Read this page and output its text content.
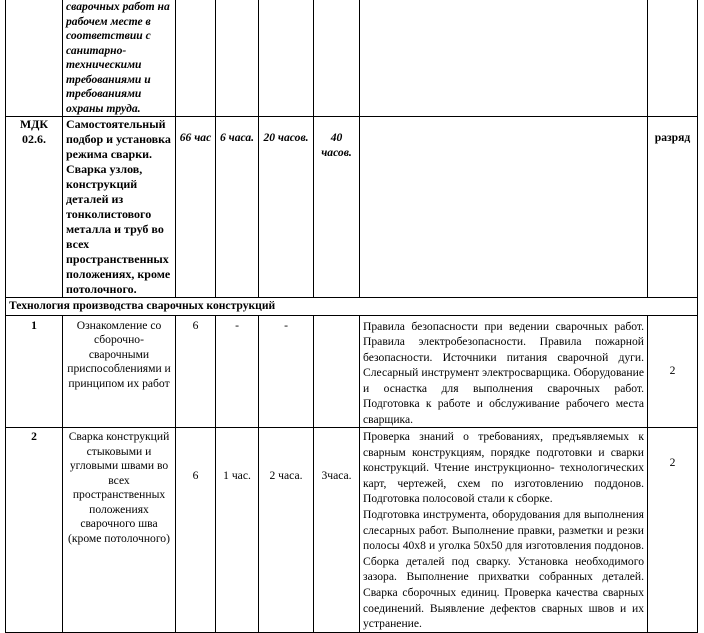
	сварочных работ на рабочем месте в соответствии с санитарно-техническими требованиями и требованиями охраны труда.						
МДК 02.6.	Самостоятельный подбор и установка режима сварки. Сварка узлов, конструкций деталей из тонколистового металла и труб во всех пространственных положениях, кроме потолочного.	66 час	6 часа.	20 часов.	40 часов.		разряд
Технология производства сварочных конструкций							
1	Ознакомление со сборочно-сварочными приспособлениями и принципом их работ	6	-	-		Правила безопасности при ведении сварочных работ. Правила электробезопасности. Правила пожарной безопасности. Источники питания сварочной дуги. Слесарный инструмент электросварщика. Оборудование и оснастка для выполнения сварочных работ. Подготовка к работе и обслуживание рабочего места сварщика.	2
2	Сварка конструкций стыковыми и угловыми швами во всех пространственных положениях сварочного шва (кроме потолочного)	6	1 час.	2 часа.	3часа.	Проверка знаний о требованиях, предъявляемых к сварным конструкциям, порядке подготовки и сварки конструкций. Чтение инструкционно- технологических карт, чертежей, схем по изготовлению поддонов. Подготовка полосовой стали к сборке.
Подготовка инструмента, оборудования для выполнения слесарных работ. Выполнение правки, разметки и резки полосы 40х8 и уголка 50х50 для изготовления поддонов. Сборка деталей под сварку. Установка необходимого зазора. Выполнение прихватки собранных деталей. Сварка сборочных единиц. Проверка качества сварных соединений. Выявление дефектов сварных швов и их устранение.	2
